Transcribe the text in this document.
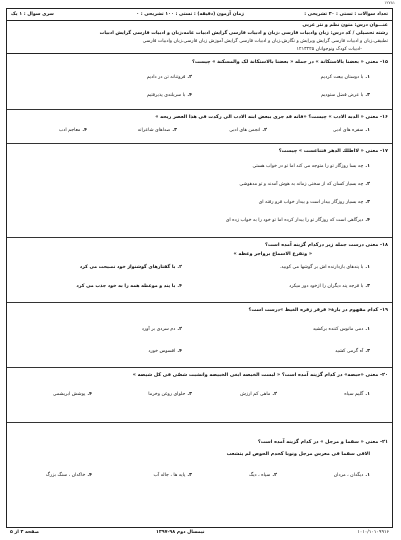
۱۲۷۸۱
تعداد سوالات : تستی : ۳۰ تشریحی :
زمان آزمون (دقیقه) : تستی : ۱۰۰ تشریحی : ۰
سری سوال : ۱ یک
عنـــوان درس: متون نظم و نثر عربی
رشته تحصیلی / کد درس: زبان وادبیات فارسی ،زبان و ادبیات فارسی گرایش ادبیات عامه،زبان و ادبیات فارسی گرایش ادبیات
تطبیقی،زبان و ادبیات فارسی گرایش ویرایش و نگارش،زبان و ادبیات فارسی گرایش آموزش زبان فارسی،زبان وادبیات فارسی
-ادبیات کودک ونوجوانان ۱۲۱۳۲۲۵
۱۵- معنی « بعضنا بالاستكانة » در جمله « بعضنا بالاستكانة لک والمسكنة » چیست؟
۱.با دوستان بیعت کردیم
۲.فروتنانه تن در دادیم
۳.با عرض فضل ستودیم
۴.با سربلندی پذیرفتیم
۱۶- معنی « الدبه الادب » چیست؟ «فانه قد جری ببعض ابنه الادب الی رکدت فی هذا العصر ریحه »
۱.سفره های ادبی
۲.انجمن های ادبی
۳.صداهای شاعرانه
۴.معاجم ادب
۱۷- معنی « لااطلك الدهر فتناعست » چیست؟
۱.چه بسا روزگار تو را متوجه می کند اما تو در خواب هستی
۲.چه بسیار کسان که از سختی زمانه به هوش آمدند و تو مدهوشی
۳.چه بسیار روزگار بیدار است و بیدار خواب فرو رفته ای
۴.دیرگاهی است که روزگار تو را بیدار کرده اما تو خود را به خواب زده ای
۱۸- معنی درست جمله زیر درکدام گزینه آمده است؟
« وتفرع الاسماع برواجر وعظه »
۱.با پندهای بازدارنده اش بر گوشها می کوبید.
۲.با گفتارهای گوشنواز خود نصیحت می کرد
۳.با فرجه پند دیگران را ازخود دور میکرد
۴.با پند و موعظه همه را به خود جذب می کرد
۱۹- کدام مفهوم در بارهٔ« قرقر زفره الغيظ »درست است؟
۱.دمی مانوس کننده برکشید
۲.دم سردی بر آورد
۳.آه گرمی کشید
۴.افسوس خورد
۲۰- معنی «حبصه» در کدام گزینه آمده است؟ « لبست الخبصه ابغی الخبيصه وانشبت شصّی فی کل شیصه »
۱.گلیم سیاه
۲.ماهی کم ارزش
۳.حلوای روغن وخرما
۴.پوشش ابریشمی
۲۱- معنی « سقما و مرجل » در کدام گزینه آمده است؟
الاقی سقما فی معرس مرجل ونوبا کحدم الحوص لم یتشعب
۱.دیگدان ، مردان
۲.سپاه ، دیگ
۳.پایه ها ، جاله آب
۴.خاکدان ، سنگ بزرگ
صفحه ۳ از ۵	نیمسال دوم ۹۸-۱۳۹۷	۱۰۱۰/۱۰۱۰۹۹۱۶
